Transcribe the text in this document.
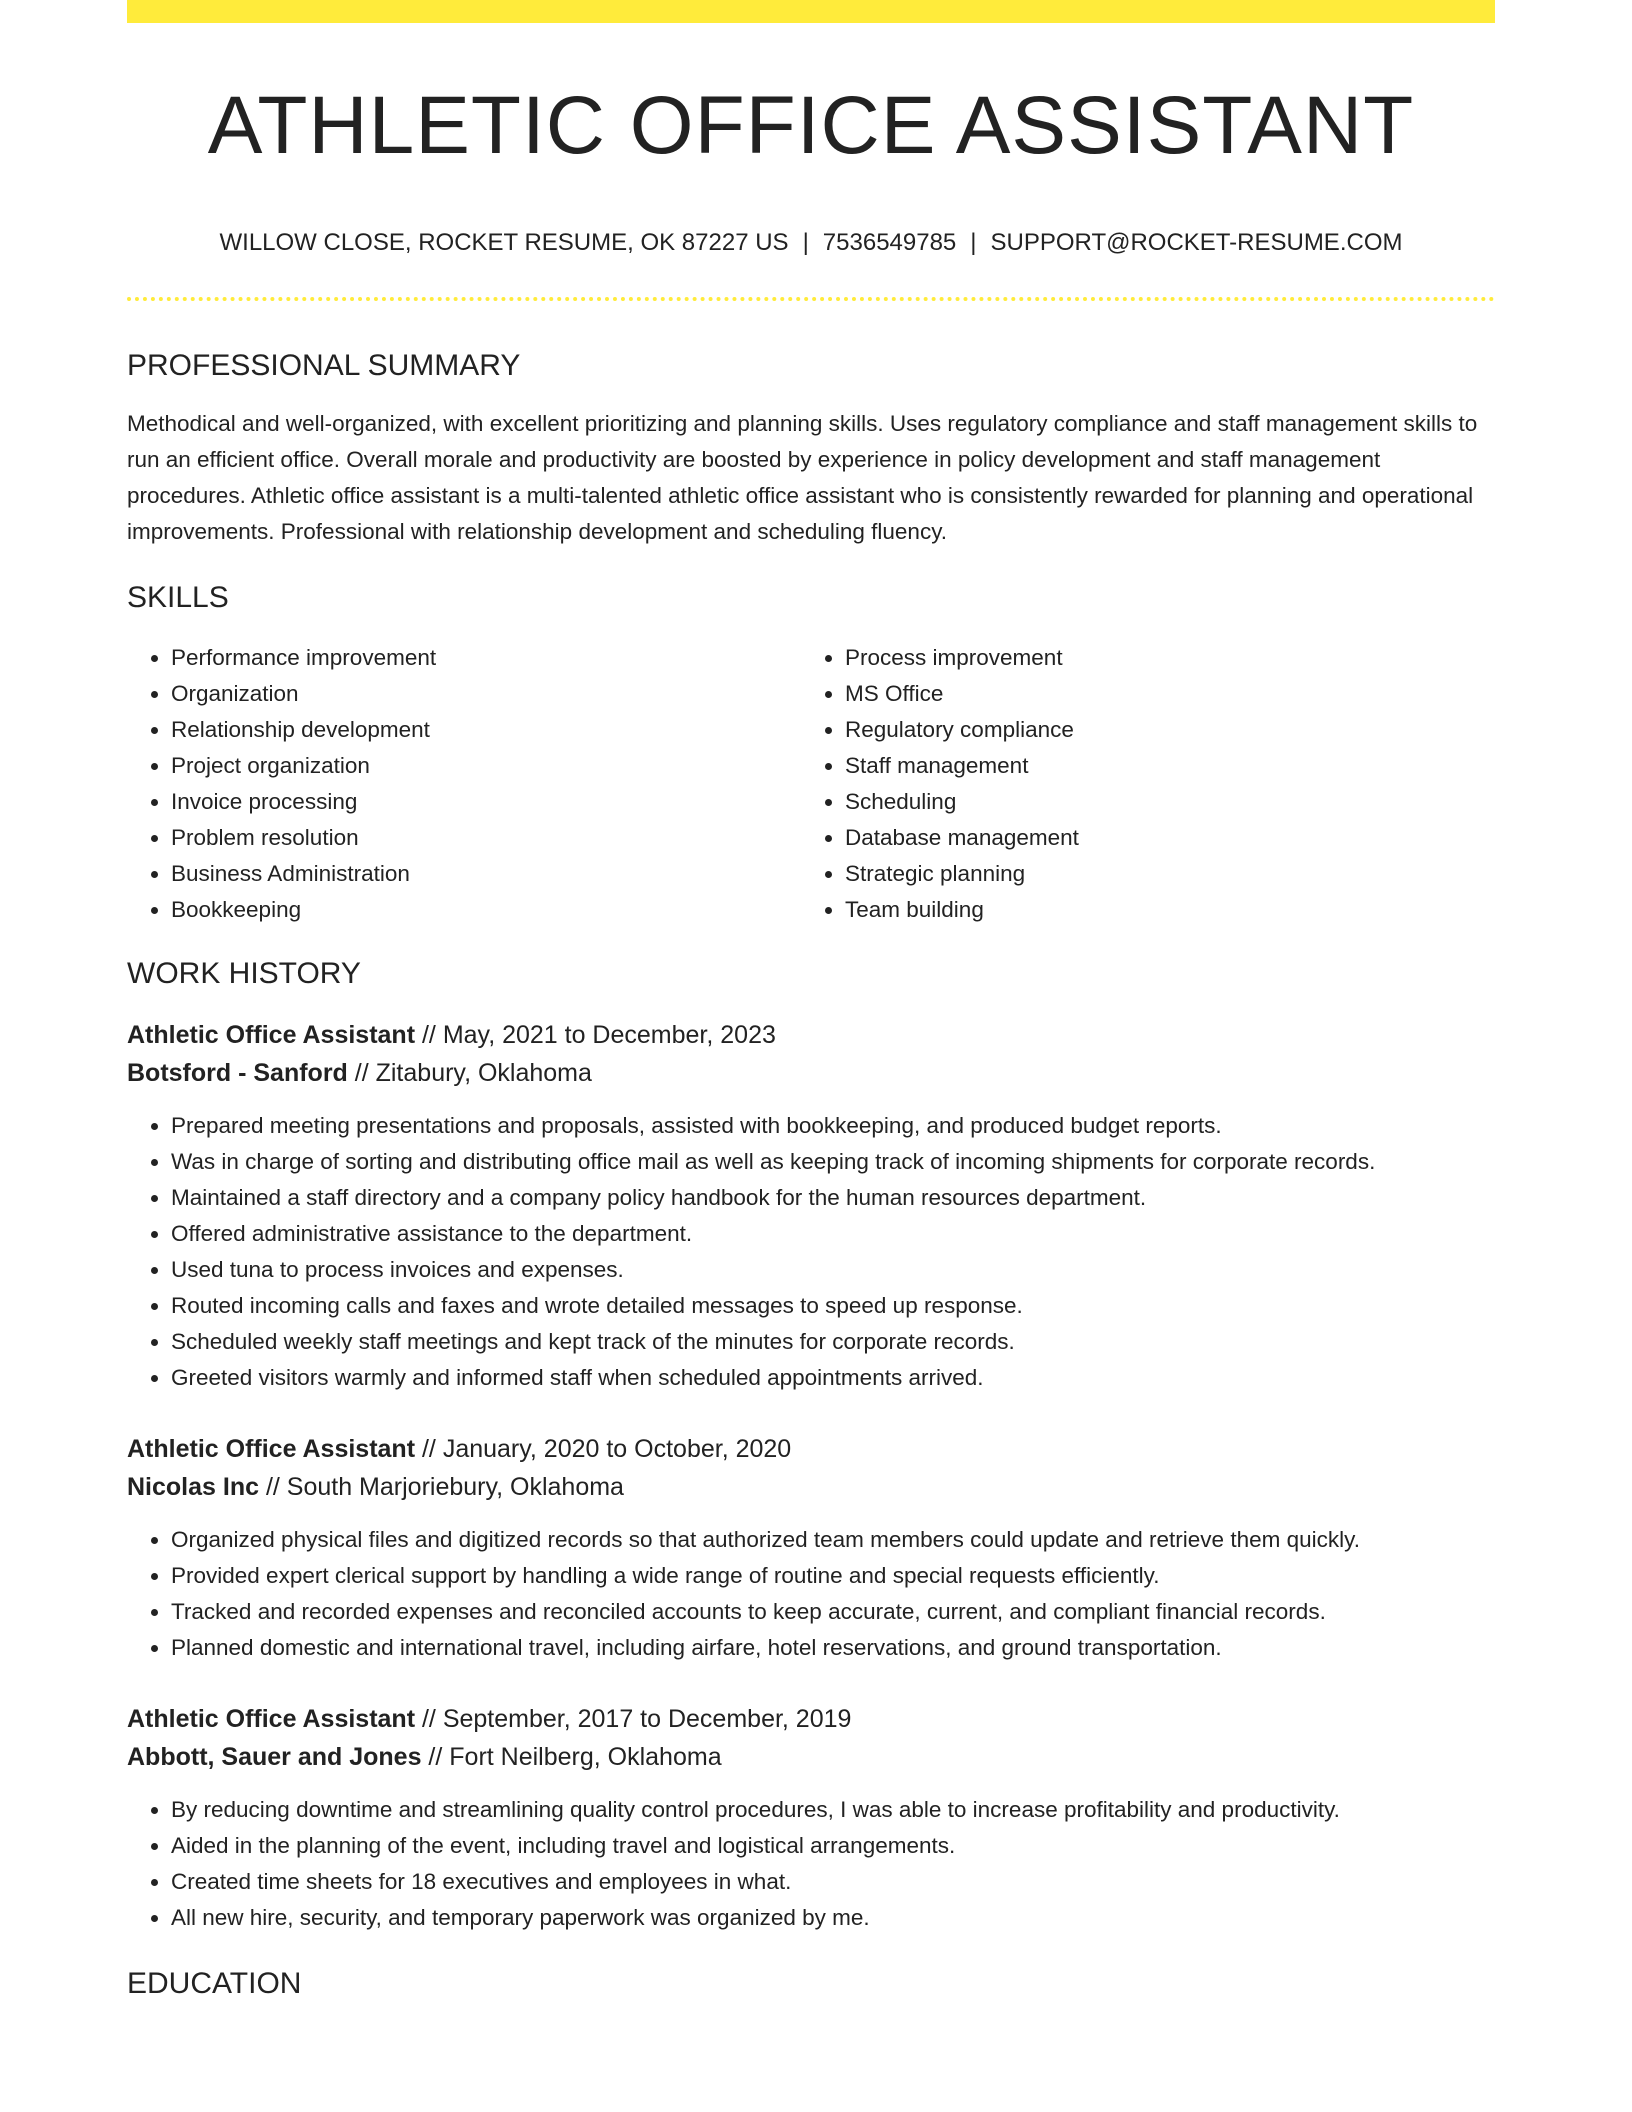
ATHLETIC OFFICE ASSISTANT
WILLOW CLOSE, ROCKET RESUME, OK 87227 US | 7536549785 | SUPPORT@ROCKET-RESUME.COM
PROFESSIONAL SUMMARY

Methodical and well-organized, with excellent prioritizing and planning skills. Uses regulatory compliance and staff management skills to run an efficient office. Overall morale and productivity are boosted by experience in policy development and staff management procedures. Athletic office assistant is a multi-talented athletic office assistant who is consistently rewarded for planning and operational improvements. Professional with relationship development and scheduling fluency.

SKILLS
• Performance improvement
• Organization
• Relationship development
• Project organization
• Invoice processing
• Problem resolution
• Business Administration
• Bookkeeping
• Process improvement
• MS Office
• Regulatory compliance
• Staff management
• Scheduling
• Database management
• Strategic planning
• Team building
WORK HISTORY
Athletic Office Assistant // May, 2021 to December, 2023
Botsford - Sanford // Zitabury, Oklahoma
• Prepared meeting presentations and proposals, assisted with bookkeeping, and produced budget reports.
• Was in charge of sorting and distributing office mail as well as keeping track of incoming shipments for corporate records.
• Maintained a staff directory and a company policy handbook for the human resources department.
• Offered administrative assistance to the department.
• Used tuna to process invoices and expenses.
• Routed incoming calls and faxes and wrote detailed messages to speed up response.
• Scheduled weekly staff meetings and kept track of the minutes for corporate records.
• Greeted visitors warmly and informed staff when scheduled appointments arrived.
Athletic Office Assistant // January, 2020 to October, 2020
Nicolas Inc // South Marjoriebury, Oklahoma
• Organized physical files and digitized records so that authorized team members could update and retrieve them quickly.
• Provided expert clerical support by handling a wide range of routine and special requests efficiently.
• Tracked and recorded expenses and reconciled accounts to keep accurate, current, and compliant financial records.
• Planned domestic and international travel, including airfare, hotel reservations, and ground transportation.
Athletic Office Assistant // September, 2017 to December, 2019
Abbott, Sauer and Jones // Fort Neilberg, Oklahoma
• By reducing downtime and streamlining quality control procedures, I was able to increase profitability and productivity.
• Aided in the planning of the event, including travel and logistical arrangements.
• Created time sheets for 18 executives and employees in what.
• All new hire, security, and temporary paperwork was organized by me.
EDUCATION
